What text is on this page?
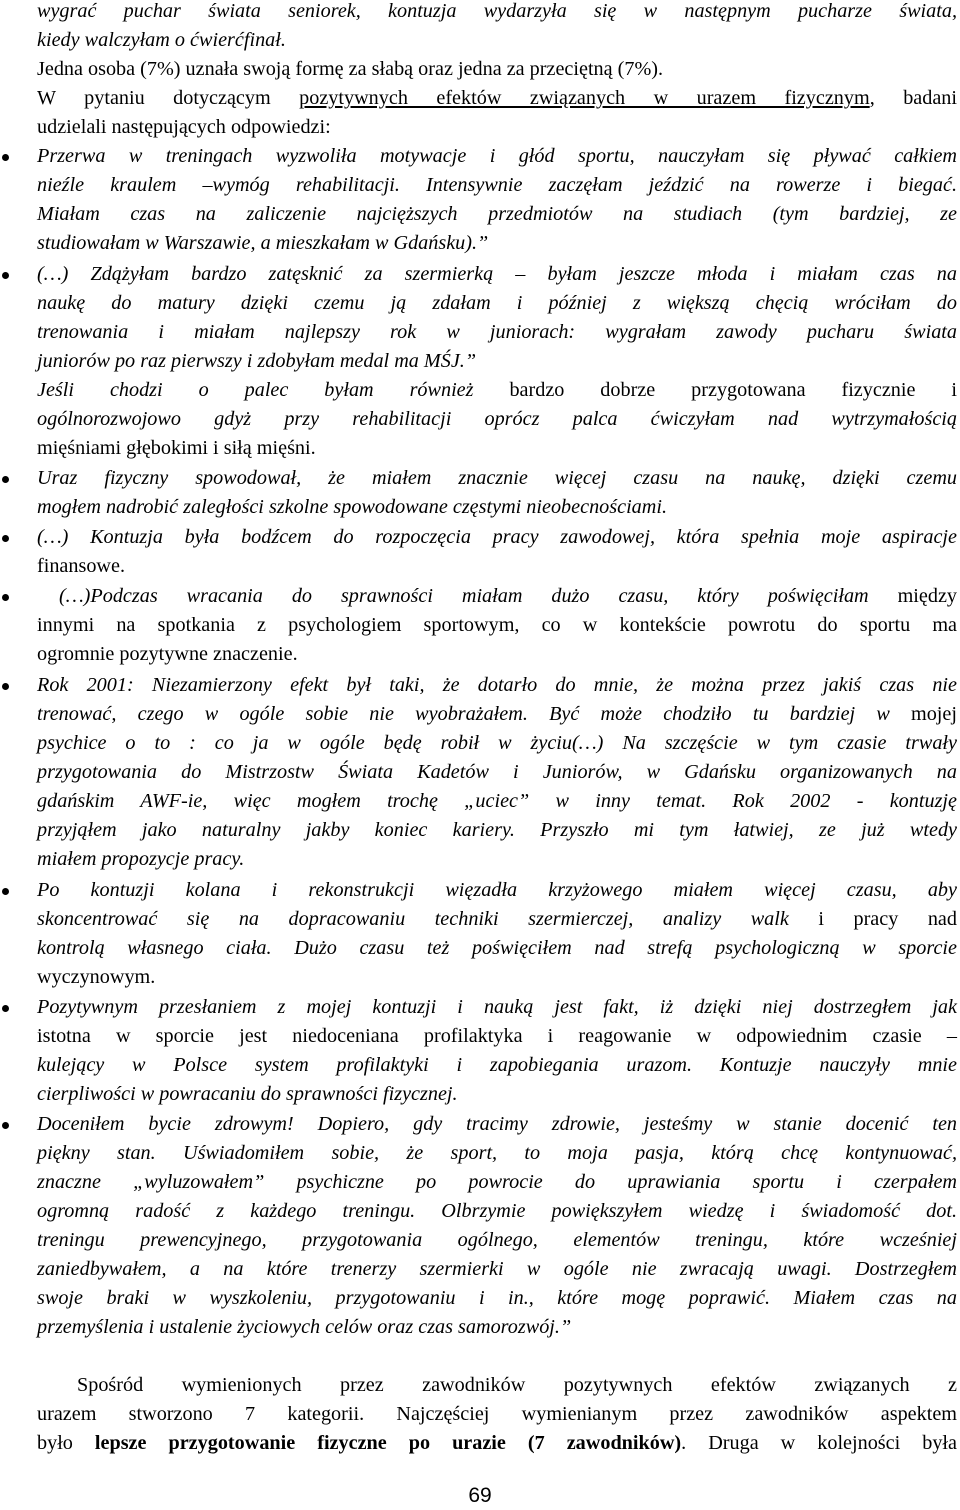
wygrać puchar świata seniorek, kontuzja wydarzyła się w następnym pucharze świata,
kiedy walczyłam o ćwierćfinał.
Jedna osoba (7%) uznała swoją formę za słabą oraz jedna za przeciętną (7%).
W pytaniu dotyczącym pozytywnych efektów związanych w urazem fizycznym, badani
udzielali następujących odpowiedzi:
Przerwa w treningach wyzwoliła motywacje i głód sportu, nauczyłam się pływać całkiem
nieźle kraulem –wymóg rehabilitacji. Intensywnie zaczęłam jeździć na rowerze i biegać.
Miałam czas na zaliczenie najcięższych przedmiotów na studiach (tym bardziej, ze
studiowałam w Warszawie, a mieszkałam w Gdańsku).”
(…) Zdążyłam bardzo zatęsknić za szermierką – byłam jeszcze młoda i miałam czas na
naukę do matury dzięki czemu ją zdałam i później z większą chęcią wróciłam do
trenowania i miałam najlepszy rok w juniorach: wygrałam zawody pucharu świata
juniorów po raz pierwszy i zdobyłam medal ma MŚJ.”
Jeśli chodzi o palec byłam również bardzo dobrze przygotowana fizycznie i
ogólnorozwojowo gdyż przy rehabilitacji oprócz palca ćwiczyłam nad wytrzymałością
mięśniami głębokimi i siłą mięśni.
Uraz fizyczny spowodował, że miałem znacznie więcej czasu na naukę, dzięki czemu
mogłem nadrobić zaległości szkolne spowodowane częstymi nieobecnościami.
(…) Kontuzja była bodźcem do rozpoczęcia pracy zawodowej, która spełnia moje aspiracje
finansowe.
(…)Podczas wracania do sprawności miałam dużo czasu, który poświęciłam między
innymi na spotkania z psychologiem sportowym, co w kontekście powrotu do sportu ma
ogromnie pozytywne znaczenie.
Rok 2001: Niezamierzony efekt był taki, że dotarło do mnie, że można przez jakiś czas nie
trenować, czego w ogóle sobie nie wyobrażałem. Być może chodziło tu bardziej w mojej
psychice o to : co ja w ogóle będę robił w życiu(…) Na szczęście w tym czasie trwały
przygotowania do Mistrzostw Świata Kadetów i Juniorów, w Gdańsku organizowanych na
gdańskim AWF-ie, więc mogłem trochę „uciec” w inny temat. Rok 2002 - kontuzję
przyjąłem jako naturalny jakby koniec kariery. Przyszło mi tym łatwiej, ze już wtedy
miałem propozycje pracy.
Po kontuzji kolana i rekonstrukcji więzadła krzyżowego miałem więcej czasu, aby
skoncentrować się na dopracowaniu techniki szermierczej, analizy walk i pracy nad
kontrolą własnego ciała. Dużo czasu też poświęciłem nad strefą psychologiczną w sporcie
wyczynowym.
Pozytywnym przesłaniem z mojej kontuzji i nauką jest fakt, iż dzięki niej dostrzegłem jak
istotna w sporcie jest niedoceniana profilaktyka i reagowanie w odpowiednim czasie –
kulejący w Polsce system profilaktyki i zapobiegania urazom. Kontuzje nauczyły mnie
cierpliwości w powracaniu do sprawności fizycznej.
Doceniłem bycie zdrowym! Dopiero, gdy tracimy zdrowie, jesteśmy w stanie docenić ten
piękny stan. Uświadomiłem sobie, że sport, to moja pasja, którą chcę kontynuować,
znaczne „wyluzowałem” psychiczne po powrocie do uprawiania sportu i czerpałem
ogromną radość z każdego treningu. Olbrzymie powiększyłem wiedzę i świadomość dot.
treningu prewencyjnego, przygotowania ogólnego, elementów treningu, które wcześniej
zaniedbywałem, a na które trenerzy szermierki w ogóle nie zwracają uwagi. Dostrzegłem
swoje braki w wyszkoleniu, przygotowaniu i in., które mogę poprawić. Miałem czas na
przemyślenia i ustalenie życiowych celów oraz czas samorozwój.”
Spośród wymienionych przez zawodników pozytywnych efektów związanych z
urazem stworzono 7 kategorii. Najczęściej wymienianym przez zawodników aspektem
było lepsze przygotowanie fizyczne po urazie (7 zawodników). Druga w kolejności była
69
